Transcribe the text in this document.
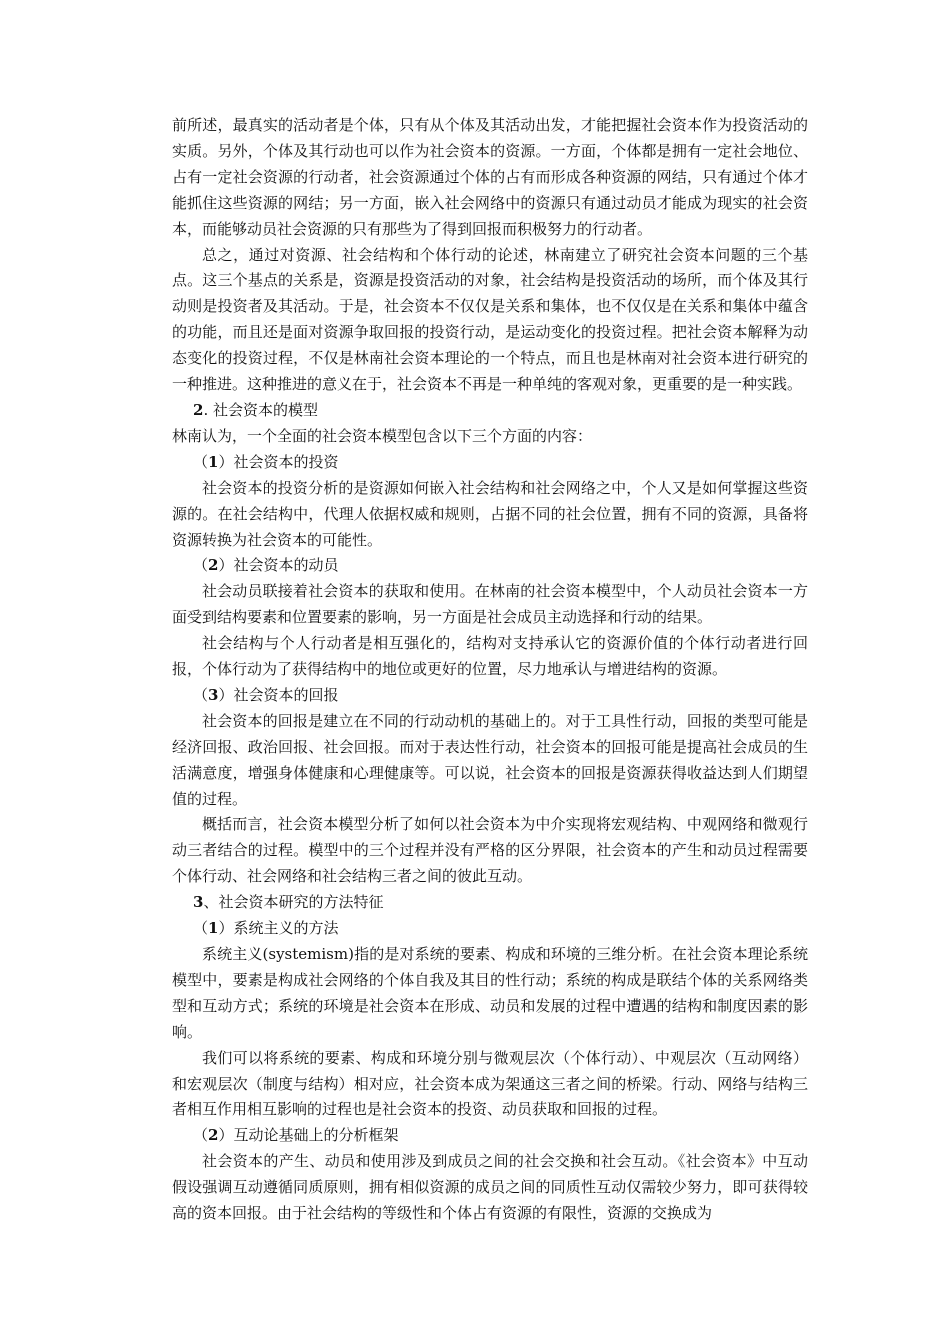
前所述，最真实的活动者是个体，只有从个体及其活动出发，才能把握社会资本作为投资活动的实质。另外，个体及其行动也可以作为社会资本的资源。一方面，个体都是拥有一定社会地位、占有一定社会资源的行动者，社会资源通过个体的占有而形成各种资源的网结，只有通过个体才能抓住这些资源的网结；另一方面，嵌入社会网络中的资源只有通过动员才能成为现实的社会资本，而能够动员社会资源的只有那些为了得到回报而积极努力的行动者。

总之，通过对资源、社会结构和个体行动的论述，林南建立了研究社会资本问题的三个基点。这三个基点的关系是，资源是投资活动的对象，社会结构是投资活动的场所，而个体及其行动则是投资者及其活动。于是，社会资本不仅仅是关系和集体，也不仅仅是在关系和集体中蕴含的功能，而且还是面对资源争取回报的投资行动，是运动变化的投资过程。把社会资本解释为动态变化的投资过程，不仅是林南社会资本理论的一个特点，而且也是林南对社会资本进行研究的一种推进。这种推进的意义在于，社会资本不再是一种单纯的客观对象，更重要的是一种实践。

2. 社会资本的模型

林南认为，一个全面的社会资本模型包含以下三个方面的内容：

（1）社会资本的投资

社会资本的投资分析的是资源如何嵌入社会结构和社会网络之中，个人又是如何掌握这些资源的。在社会结构中，代理人依据权威和规则，占据不同的社会位置，拥有不同的资源，具备将资源转换为社会资本的可能性。

（2）社会资本的动员

社会动员联接着社会资本的获取和使用。在林南的社会资本模型中，个人动员社会资本一方面受到结构要素和位置要素的影响，另一方面是社会成员主动选择和行动的结果。

社会结构与个人行动者是相互强化的，结构对支持承认它的资源价值的个体行动者进行回报，个体行动为了获得结构中的地位或更好的位置，尽力地承认与增进结构的资源。

（3）社会资本的回报

社会资本的回报是建立在不同的行动动机的基础上的。对于工具性行动，回报的类型可能是经济回报、政治回报、社会回报。而对于表达性行动，社会资本的回报可能是提高社会成员的生活满意度，增强身体健康和心理健康等。可以说，社会资本的回报是资源获得收益达到人们期望值的过程。

概括而言，社会资本模型分析了如何以社会资本为中介实现将宏观结构、中观网络和微观行动三者结合的过程。模型中的三个过程并没有严格的区分界限，社会资本的产生和动员过程需要个体行动、社会网络和社会结构三者之间的彼此互动。

3、社会资本研究的方法特征

（1）系统主义的方法

系统主义(systemism)指的是对系统的要素、构成和环境的三维分析。在社会资本理论系统模型中，要素是构成社会网络的个体自我及其目的性行动；系统的构成是联结个体的关系网络类型和互动方式；系统的环境是社会资本在形成、动员和发展的过程中遭遇的结构和制度因素的影响。

我们可以将系统的要素、构成和环境分别与微观层次（个体行动）、中观层次（互动网络）和宏观层次（制度与结构）相对应，社会资本成为架通这三者之间的桥梁。行动、网络与结构三者相互作用相互影响的过程也是社会资本的投资、动员获取和回报的过程。

（2）互动论基础上的分析框架

社会资本的产生、动员和使用涉及到成员之间的社会交换和社会互动。《社会资本》中互动假设强调互动遵循同质原则，拥有相似资源的成员之间的同质性互动仅需较少努力，即可获得较高的资本回报。由于社会结构的等级性和个体占有资源的有限性，资源的交换成为
